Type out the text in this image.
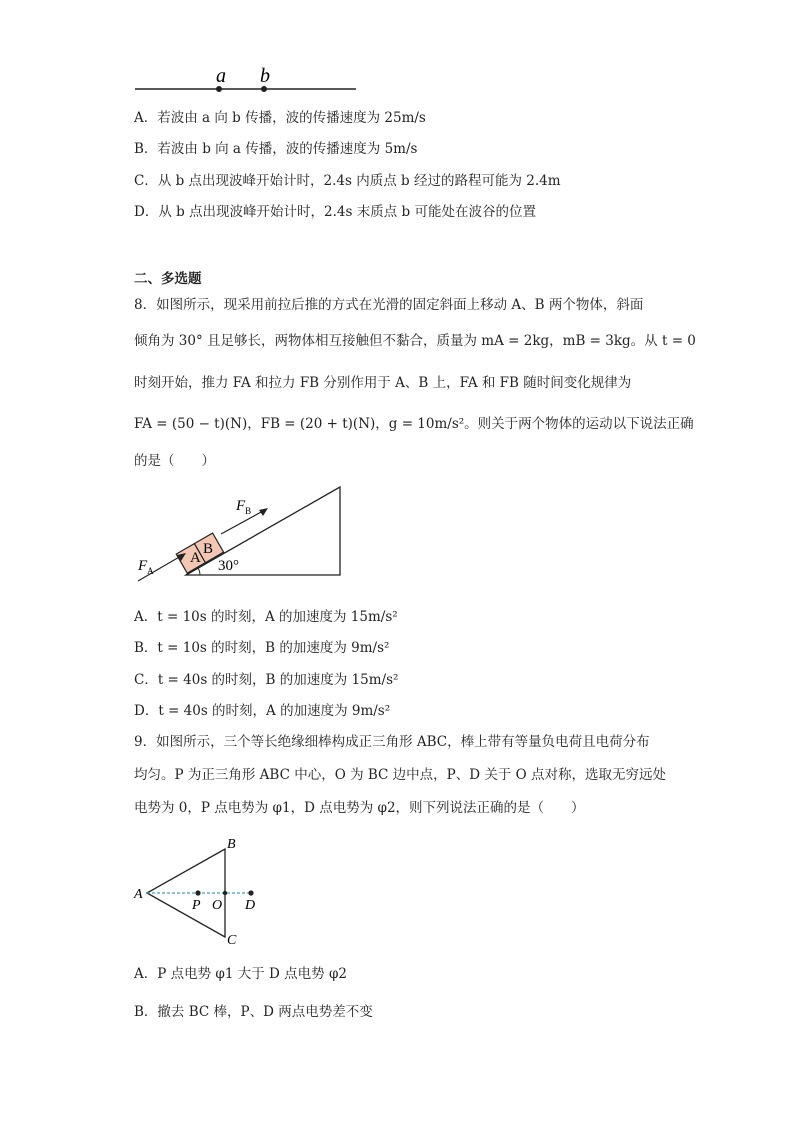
a b
A．若波由 a 向 b 传播，波的传播速度为 25m/s
B．若波由 b 向 a 传播，波的传播速度为 5m/s
C．从 b 点出现波峰开始计时，2.4s 内质点 b 经过的路程可能为 2.4m
D．从 b 点出现波峰开始计时，2.4s 末质点 b 可能处在波谷的位置
二、多选题
8．如图所示，现采用前拉后推的方式在光滑的固定斜面上移动 A、B 两个物体，斜面
倾角为 30° 且足够长，两物体相互接触但不黏合，质量为 mA = 2kg，mB = 3kg。从 t = 0
时刻开始，推力 FA 和拉力 FB 分别作用于 A、B 上，FA 和 FB 随时间变化规律为
FA = (50 − t)(N)，FB = (20 + t)(N)，g = 10m/s²。则关于两个物体的运动以下说法正确
的是（　　）
A
B
$F_A$
$F_B$
30°
A．t = 10s 的时刻，A 的加速度为 15m/s²
B．t = 10s 的时刻，B 的加速度为 9m/s²
C．t = 40s 的时刻，B 的加速度为 15m/s²
D．t = 40s 的时刻，A 的加速度为 9m/s²
9．如图所示，三个等长绝缘细棒构成正三角形 ABC，棒上带有等量负电荷且电荷分布
均匀。P 为正三角形 ABC 中心，O 为 BC 边中点，P、D 关于 O 点对称，选取无穷远处
电势为 0，P 点电势为 φ1，D 点电势为 φ2，则下列说法正确的是（　　）
A
B
C
P O D
A．P 点电势 φ1 大于 D 点电势 φ2
B．撤去 BC 棒，P、D 两点电势差不变
